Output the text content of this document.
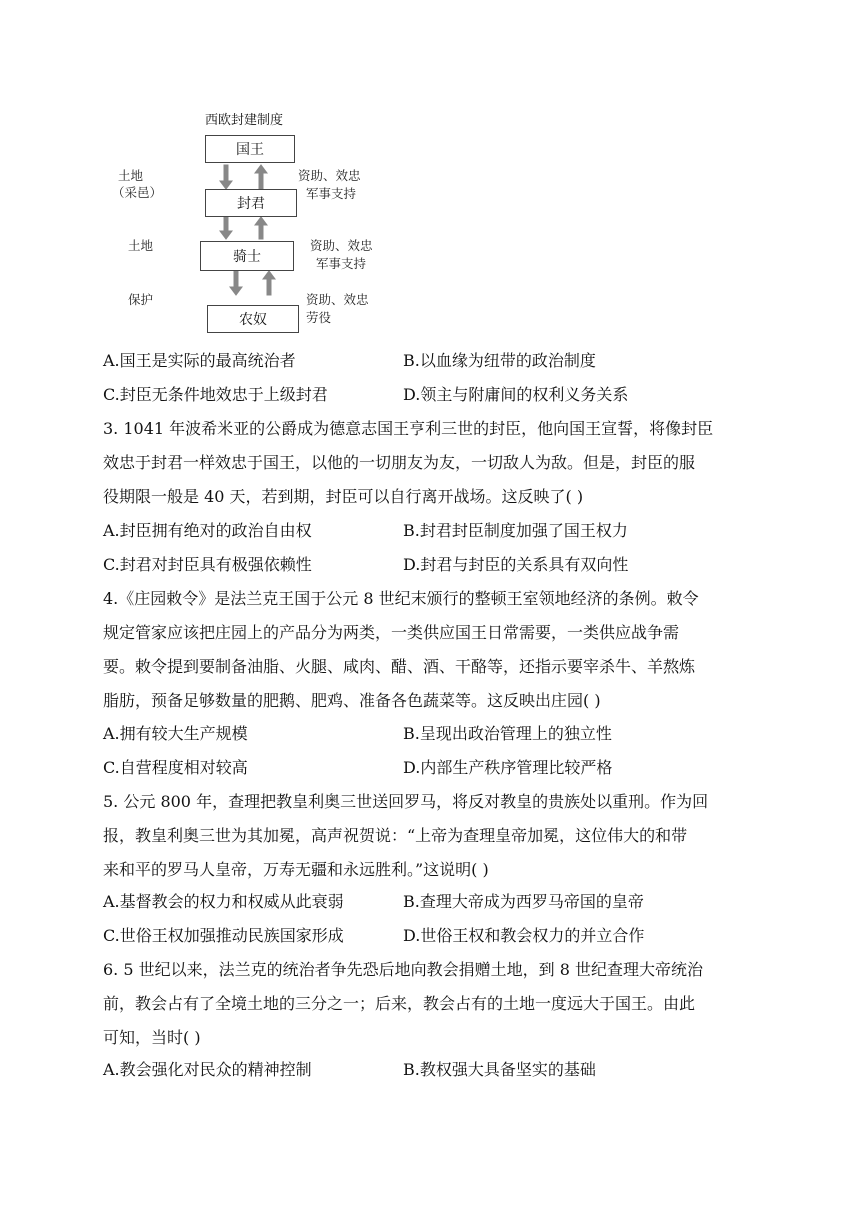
西欧封建制度
国王
封君
骑士
农奴
土地
（采邑）
土地
保护
资助、效忠
军事支持
资助、效忠
军事支持
资助、效忠
劳役
A.国王是实际的最高统治者	B.以血缘为纽带的政治制度
C.封臣无条件地效忠于上级封君	D.领主与附庸间的权利义务关系
3. 1041 年波希米亚的公爵成为德意志国王亨利三世的封臣，他向国王宣誓，将像封臣
效忠于封君一样效忠于国王，以他的一切朋友为友，一切敌人为敌。但是，封臣的服
役期限一般是 40 天，若到期，封臣可以自行离开战场。这反映了( )
A.封臣拥有绝对的政治自由权	B.封君封臣制度加强了国王权力
C.封君对封臣具有极强依赖性	D.封君与封臣的关系具有双向性
4.《庄园敕令》是法兰克王国于公元 8 世纪末颁行的整顿王室领地经济的条例。敕令
规定管家应该把庄园上的产品分为两类，一类供应国王日常需要，一类供应战争需
要。敕令提到要制备油脂、火腿、咸肉、醋、酒、干酪等，还指示要宰杀牛、羊熬炼
脂肪，预备足够数量的肥鹅、肥鸡、准备各色蔬菜等。这反映出庄园( )
A.拥有较大生产规模	B.呈现出政治管理上的独立性
C.自营程度相对较高	D.内部生产秩序管理比较严格
5. 公元 800 年，查理把教皇利奥三世送回罗马，将反对教皇的贵族处以重刑。作为回
报，教皇利奥三世为其加冕，高声祝贺说：“上帝为查理皇帝加冕，这位伟大的和带
来和平的罗马人皇帝，万寿无疆和永远胜利。”这说明( )
A.基督教会的权力和权威从此衰弱	B.查理大帝成为西罗马帝国的皇帝
C.世俗王权加强推动民族国家形成	D.世俗王权和教会权力的并立合作
6. 5 世纪以来，法兰克的统治者争先恐后地向教会捐赠土地，到 8 世纪查理大帝统治
前，教会占有了全境土地的三分之一；后来，教会占有的土地一度远大于国王。由此
可知，当时( )
A.教会强化对民众的精神控制	B.教权强大具备坚实的基础
